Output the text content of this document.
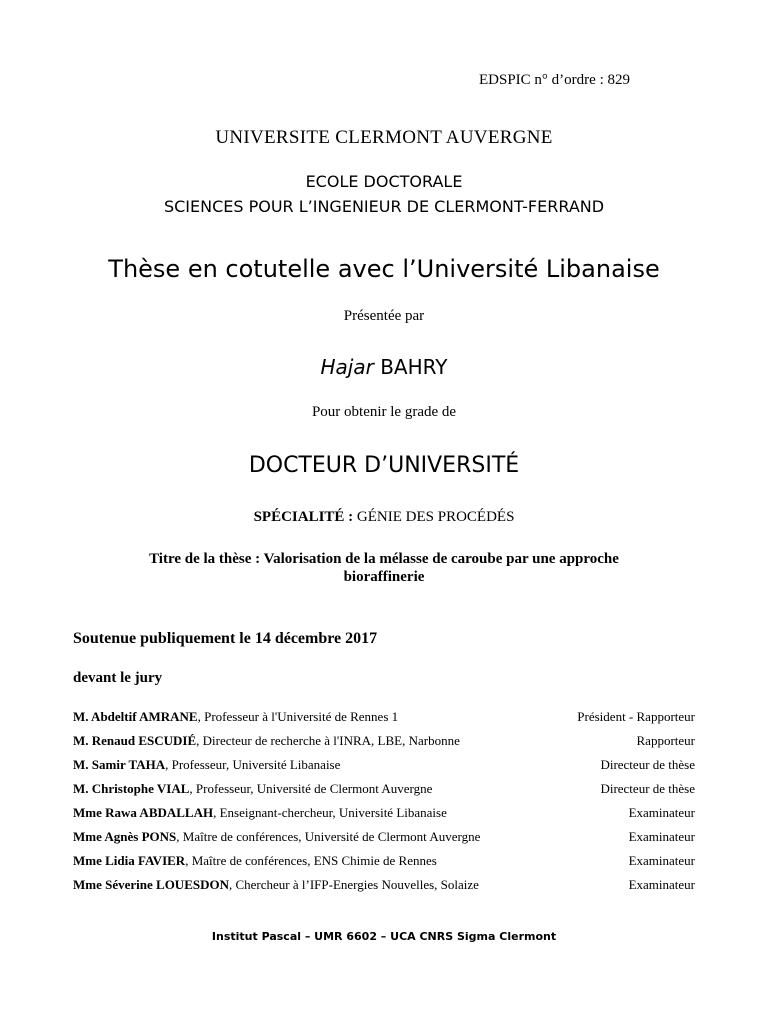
EDSPIC n° d’ordre : 829
UNIVERSITE CLERMONT AUVERGNE
ECOLE DOCTORALE
SCIENCES POUR L’INGENIEUR DE CLERMONT-FERRAND
Thèse en cotutelle avec l’Université Libanaise
Présentée par
Hajar BAHRY
Pour obtenir le grade de
DOCTEUR D’UNIVERSITÉ
SPÉCIALITÉ : GÉNIE DES PROCÉDÉS
Titre de la thèse : Valorisation de la mélasse de caroube par une approche
bioraffinerie
Soutenue publiquement le 14 décembre 2017
devant le jury
M. Abdeltif AMRANE, Professeur à l'Université de Rennes 1	Président - Rapporteur
M. Renaud ESCUDIÉ, Directeur de recherche à l'INRA, LBE, Narbonne	Rapporteur
M. Samir TAHA, Professeur, Université Libanaise	Directeur de thèse
M. Christophe VIAL, Professeur, Université de Clermont Auvergne	Directeur de thèse
Mme Rawa ABDALLAH, Enseignant-chercheur, Université Libanaise	Examinateur
Mme Agnès PONS, Maître de conférences, Université de Clermont Auvergne	Examinateur
Mme Lidia FAVIER, Maître de conférences, ENS Chimie de Rennes	Examinateur
Mme Séverine LOUESDON, Chercheur à l’IFP-Energies Nouvelles, Solaize	Examinateur
Institut Pascal – UMR 6602 – UCA CNRS Sigma Clermont
